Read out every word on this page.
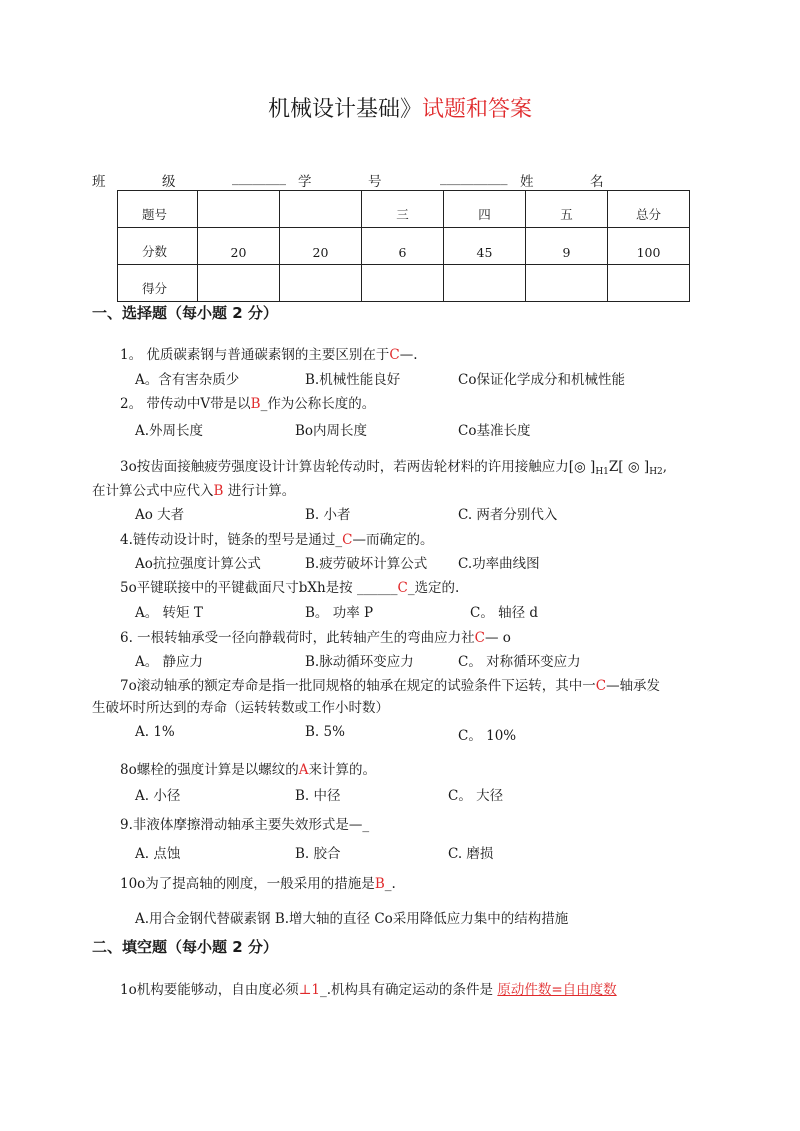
机械设计基础》试题和答案
班	级	________ 学	号	__________ 姓	名
题号			三	四	五	总分
分数	20	20	6	45	9	100
得分						
一、选择题（每小题 2 分）
1。 优质碳素钢与普通碳素钢的主要区别在于C—.
A。含有害杂质少	B.机械性能良好	Co保证化学成分和机械性能
2。 带传动中V带是以B_作为公称长度的。
A.外周长度	Bo内周长度	Co基准长度
3o按齿面接触疲劳强度设计计算齿轮传动时，若两齿轮材料的许用接触应力[◎ ]$_{H1}Z$[ ◎ ]$_{H2}$,
在计算公式中应代入B 进行计算。
Ao 大者	B. 小者	C. 两者分别代入
4.链传动设计时，链条的型号是通过_C—而确定的。
Ao抗拉强度计算公式	B.疲劳破坏计算公式 C.功率曲线图
5o平键联接中的平键截面尺寸bXh是按 ______C_选定的.
A。 转矩 T	B。 功率 P	C。 轴径 d
6. 一根转轴承受一径向静载荷时，此转轴产生的弯曲应力社C— o
A。 静应力	B.脉动循环变应力	C。 对称循环变应力
7o滚动轴承的额定寿命是指一批同规格的轴承在规定的试验条件下运转，其中一C—轴承发
生破坏时所达到的寿命（运转转数或工作小时数）
A. 1%	B. 5%	C。 10%
8o螺栓的强度计算是以螺纹的A来计算的。
A. 小径	B. 中径	C。 大径
9.非液体摩擦滑动轴承主要失效形式是—_
A. 点蚀	B. 胶合	C. 磨损
10o为了提高轴的刚度，一般采用的措施是B_.
A.用合金钢代替碳素钢 B.增大轴的直径 Co采用降低应力集中的结构措施
二、填空题（每小题 2 分）
1o机构要能够动，自由度必须⊥1_.机构具有确定运动的条件是 原动件数=自由度数
